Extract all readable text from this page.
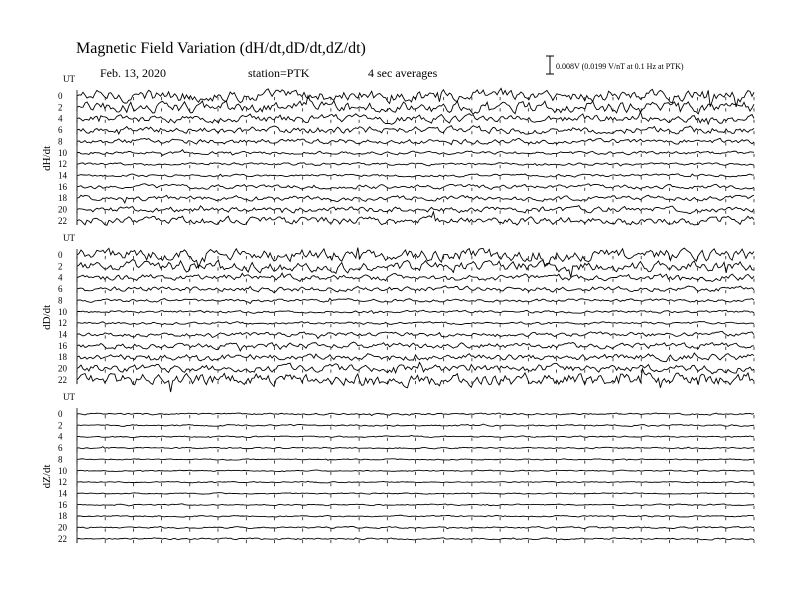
Magnetic Field Variation (dH/dt,dD/dt,dZ/dt)
Feb. 13, 2020	station=PTK	4 sec averages	0.008V (0.0199 V/nT at 0.1 Hz at PTK)
UT
dH/dt
0
2
4
6
8
10
12
14
16
18
20
22
UT
dD/dt
0
2
4
6
8
10
12
14
16
18
20
22
UT
dZ/dt
0
2
4
6
8
10
12
14
16
18
20
22
